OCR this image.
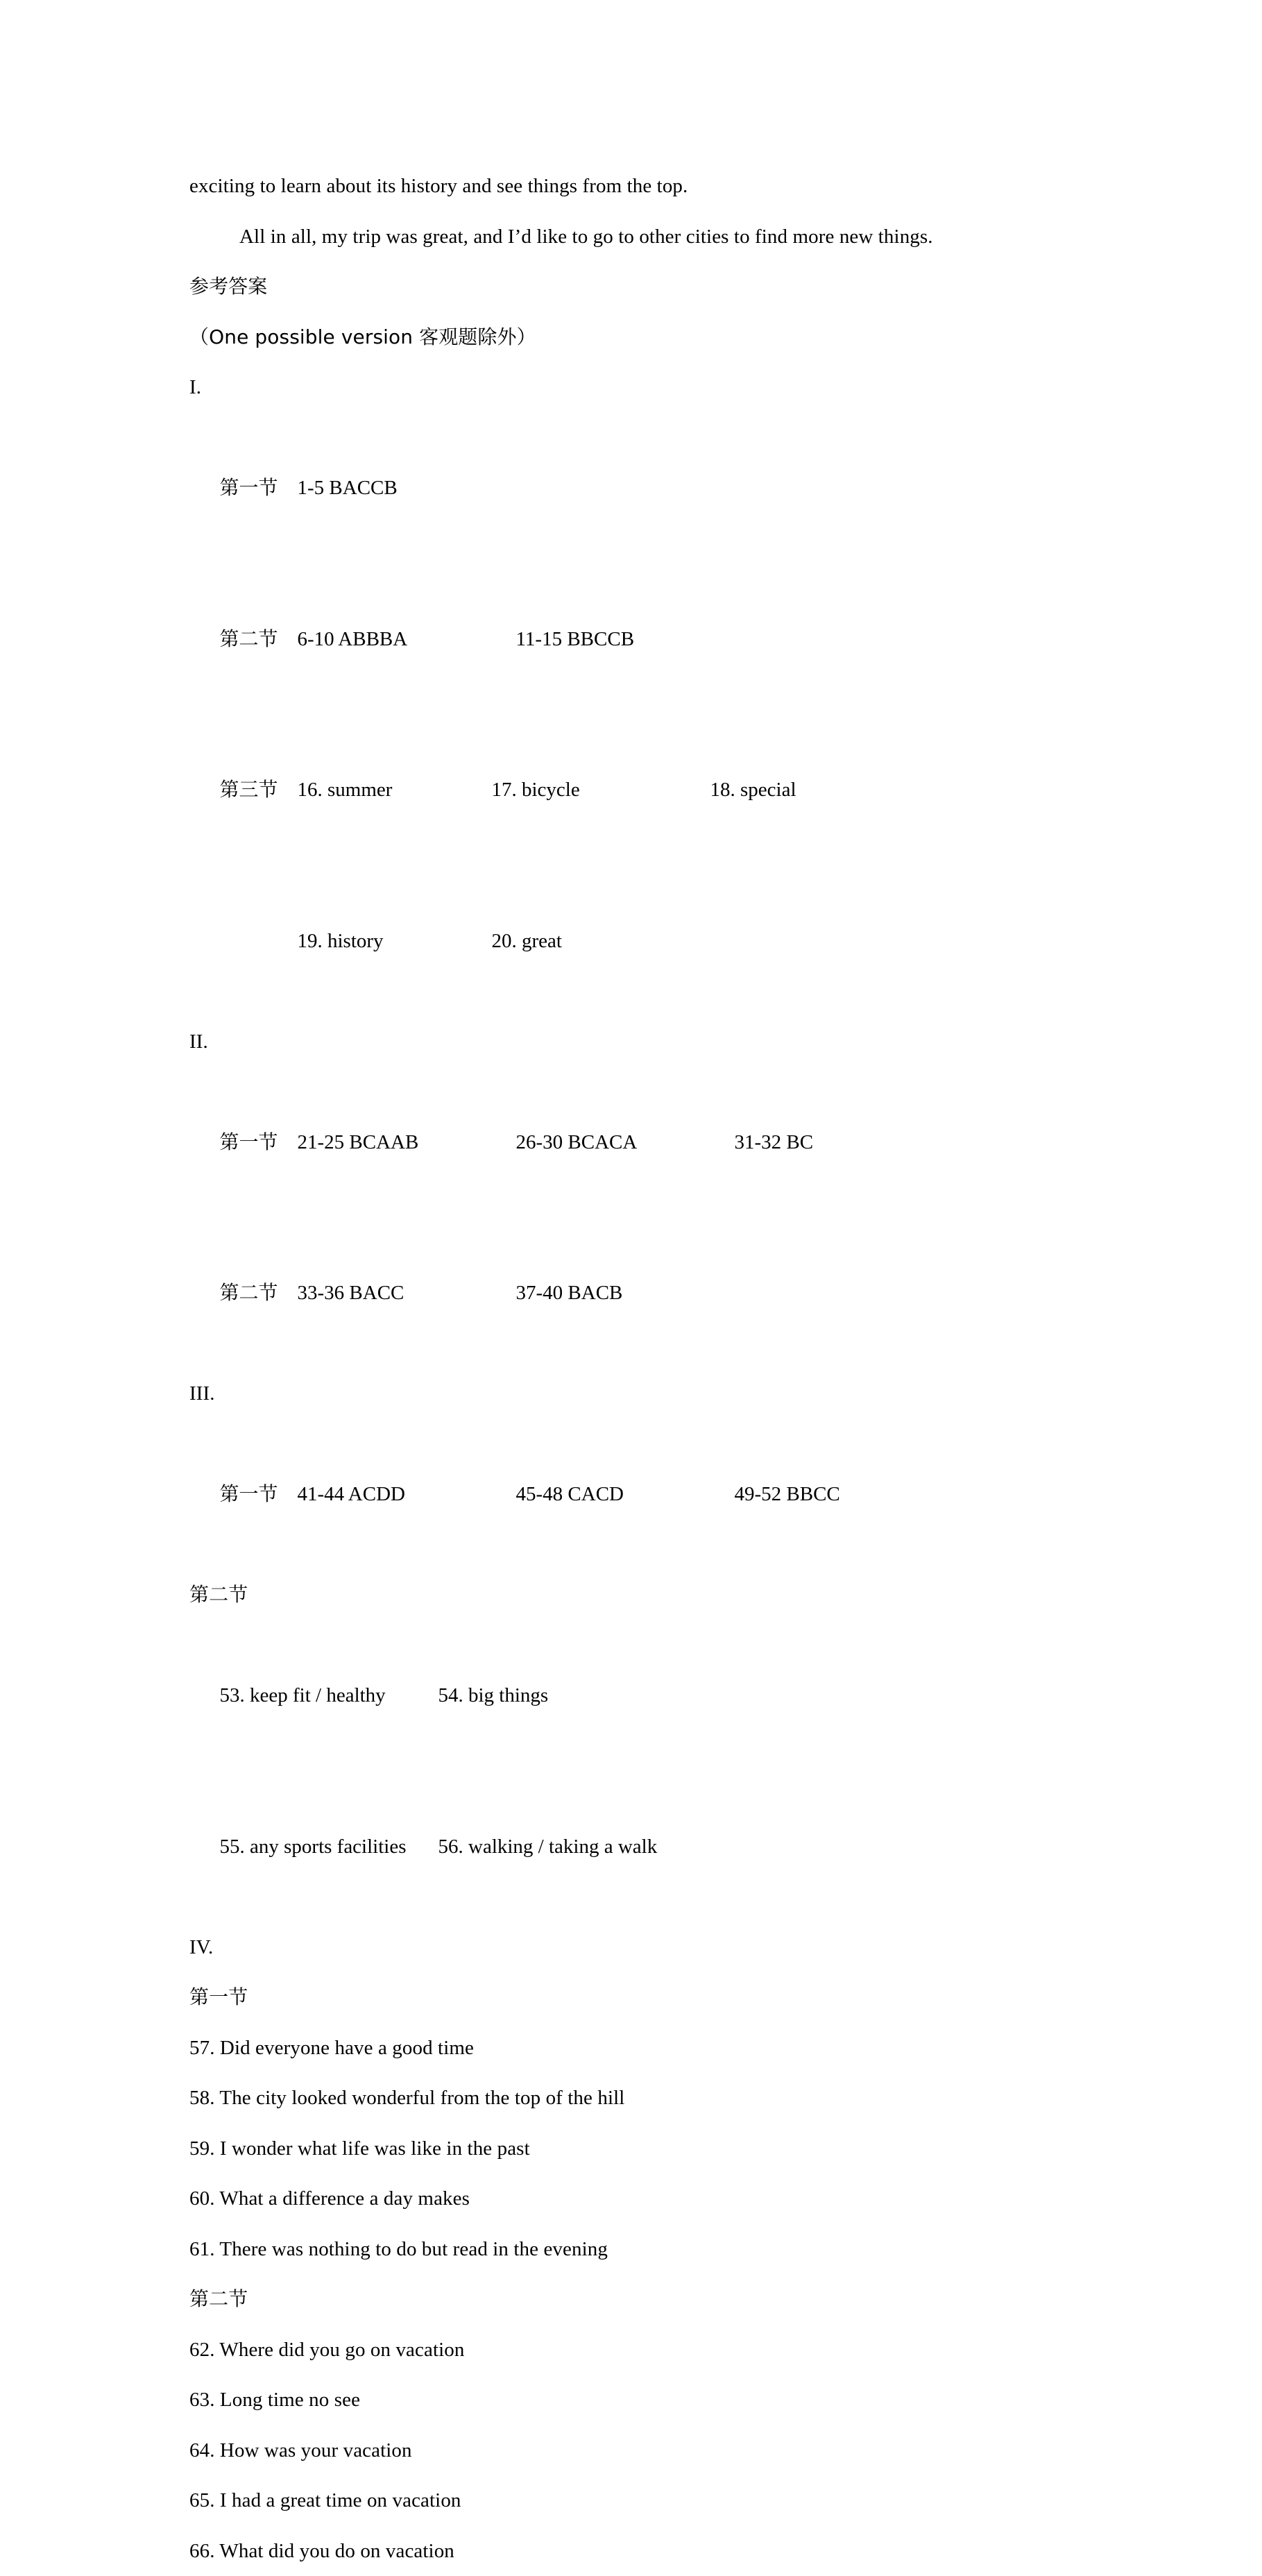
exciting to learn about its history and see things from the top.
All in all, my trip was great, and I’d like to go to other cities to find more new things.
参考答案
（One possible version 客观题除外）
I.

第一节 1-5 BACCB

第二节 6-10 ABBBA	11-15 BBCCB

第三节 16. summer	17. bicycle	18. special

19. history	20. great

II.

第一节 21-25 BCAAB	26-30 BCACA	31-32 BC

第二节 33-36 BACC	37-40 BACB

III.

第一节 41-44 ACDD	45-48 CACD	49-52 BBCC

第二节

53. keep fit / healthy	54. big things

55. any sports facilities 56. walking / taking a walk

IV.
第一节
57. Did everyone have a good time
58. The city looked wonderful from the top of the hill
59. I wonder what life was like in the past
60. What a difference a day makes
61. There was nothing to do but read in the evening
第二节
62. Where did you go on vacation
63. Long time no see
64. How was your vacation
65. I had a great time on vacation
66. What did you do on vacation
